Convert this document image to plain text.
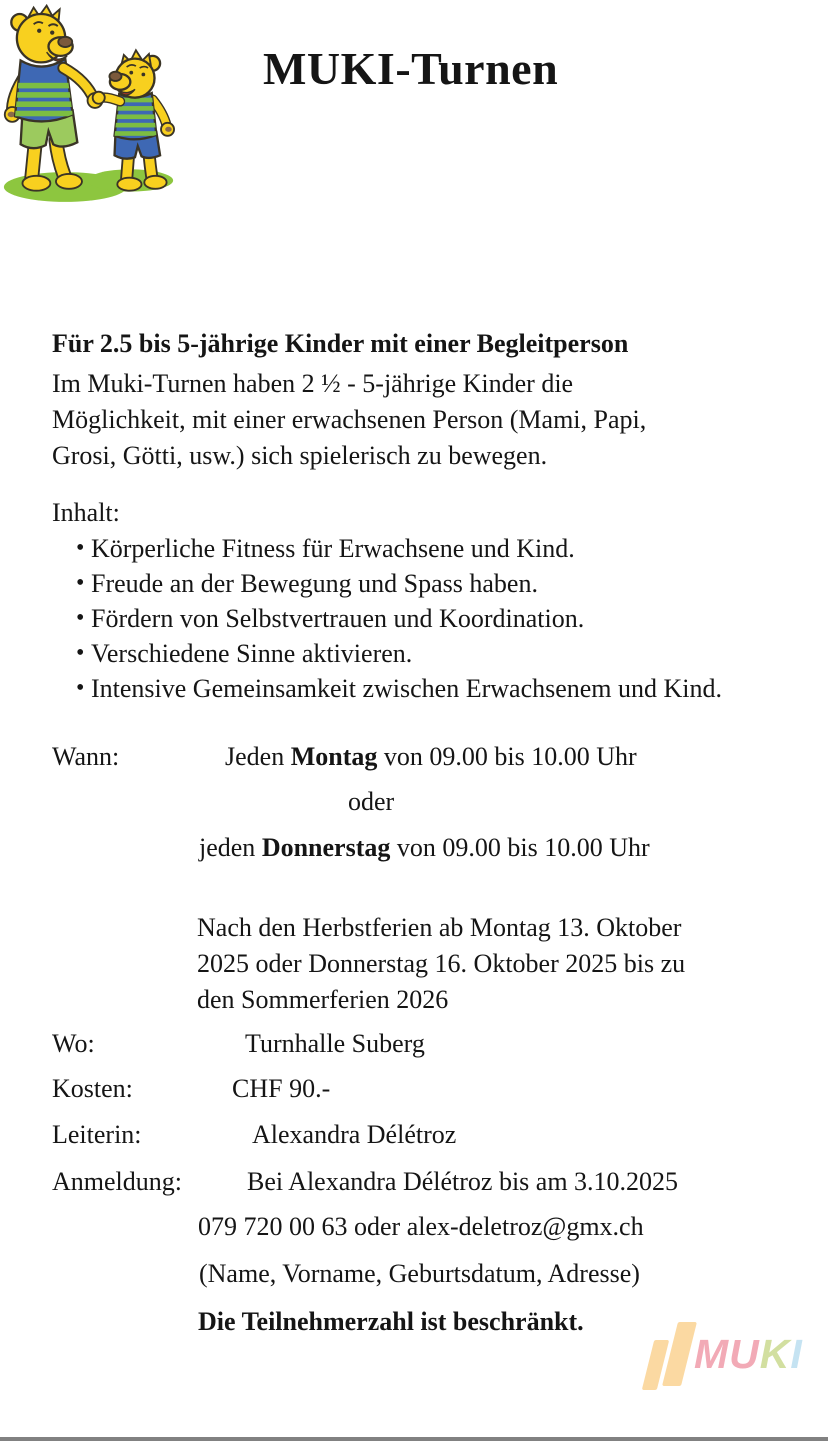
MUKI-Turnen
Für 2.5 bis 5-jährige Kinder mit einer Begleitperson
Im Muki-Turnen haben 2 ½ - 5-jährige Kinder die
Möglichkeit, mit einer erwachsenen Person (Mami, Papi,
Grosi, Götti, usw.) sich spielerisch zu bewegen.
Inhalt:
• Körperliche Fitness für Erwachsene und Kind.
• Freude an der Bewegung und Spass haben.
• Fördern von Selbstvertrauen und Koordination.
• Verschiedene Sinne aktivieren.
• Intensive Gemeinsamkeit zwischen Erwachsenem und Kind.
Wann:	Jeden Montag von 09.00 bis 10.00 Uhr
oder
jeden Donnerstag von 09.00 bis 10.00 Uhr
Nach den Herbstferien ab Montag 13. Oktober
2025 oder Donnerstag 16. Oktober 2025 bis zu
den Sommerferien 2026
Wo:	Turnhalle Suberg
Kosten:	CHF 90.-
Leiterin:	Alexandra Délétroz
Anmeldung:	Bei Alexandra Délétroz bis am 3.10.2025
079 720 00 63 oder alex-deletroz@gmx.ch
(Name, Vorname, Geburtsdatum, Adresse)
Die Teilnehmerzahl ist beschränkt.
MUKI
